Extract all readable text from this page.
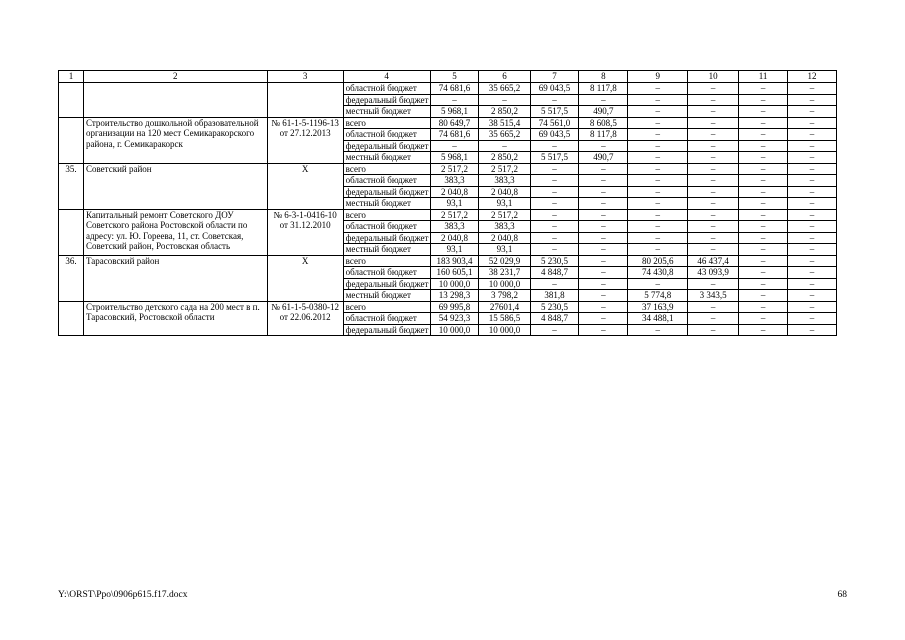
1	2	3	4	5	6	7	8	9	10	11	12
			областной бюджет	74 681,6	35 665,2	69 043,5	8 117,8	–	–	–	–
			федеральный бюджет	–	–	–	–	–	–	–	–
			местный бюджет	5 968,1	2 850,2	5 517,5	490,7	–	–	–	–
	Строительство дошкольной образовательной организации на 120 мест Семикаракорского района, г. Семикаракорск	№ 61-1-5-1196-13 от 27.12.2013	всего	80 649,7	38 515,4	74 561,0	8 608,5	–	–	–	–
			областной бюджет	74 681,6	35 665,2	69 043,5	8 117,8	–	–	–	–
			федеральный бюджет	–	–	–	–	–	–	–	–
			местный бюджет	5 968,1	2 850,2	5 517,5	490,7	–	–	–	–
35.	Советский район	Х	всего	2 517,2	2 517,2	–	–	–	–	–	–
			областной бюджет	383,3	383,3	–	–	–	–	–	–
			федеральный бюджет	2 040,8	2 040,8	–	–	–	–	–	–
			местный бюджет	93,1	93,1	–	–	–	–	–	–
	Капитальный ремонт Советского ДОУ Советского района Ростовской области по адресу: ул. Ю. Гореева, 11, ст. Советская, Советский район, Ростовская область	№ 6-3-1-0416-10 от 31.12.2010	всего	2 517,2	2 517,2	–	–	–	–	–	–
			областной бюджет	383,3	383,3	–	–	–	–	–	–
			федеральный бюджет	2 040,8	2 040,8	–	–	–	–	–	–
			местный бюджет	93,1	93,1	–	–	–	–	–	–
36.	Тарасовский район	Х	всего	183 903,4	52 029,9	5 230,5	–	80 205,6	46 437,4	–	–
			областной бюджет	160 605,1	38 231,7	4 848,7	–	74 430,8	43 093,9	–	–
			федеральный бюджет	10 000,0	10 000,0	–	–	–	–	–	–
			местный бюджет	13 298,3	3 798,2	381,8	–	5 774,8	3 343,5	–	–
	Строительство детского сада на 200 мест в п. Тарасовский, Ростовской области	№ 61-1-5-0380-12 от 22.06.2012	всего	69 995,8	27601,4	5 230,5	–	37 163,9	–	–	–
			областной бюджет	54 923,3	15 586,5	4 848,7	–	34 488,1	–	–	–
			федеральный бюджет	10 000,0	10 000,0	–	–	–	–	–	–
Y:\ORST\Ppo\0906p615.f17.docx	68
